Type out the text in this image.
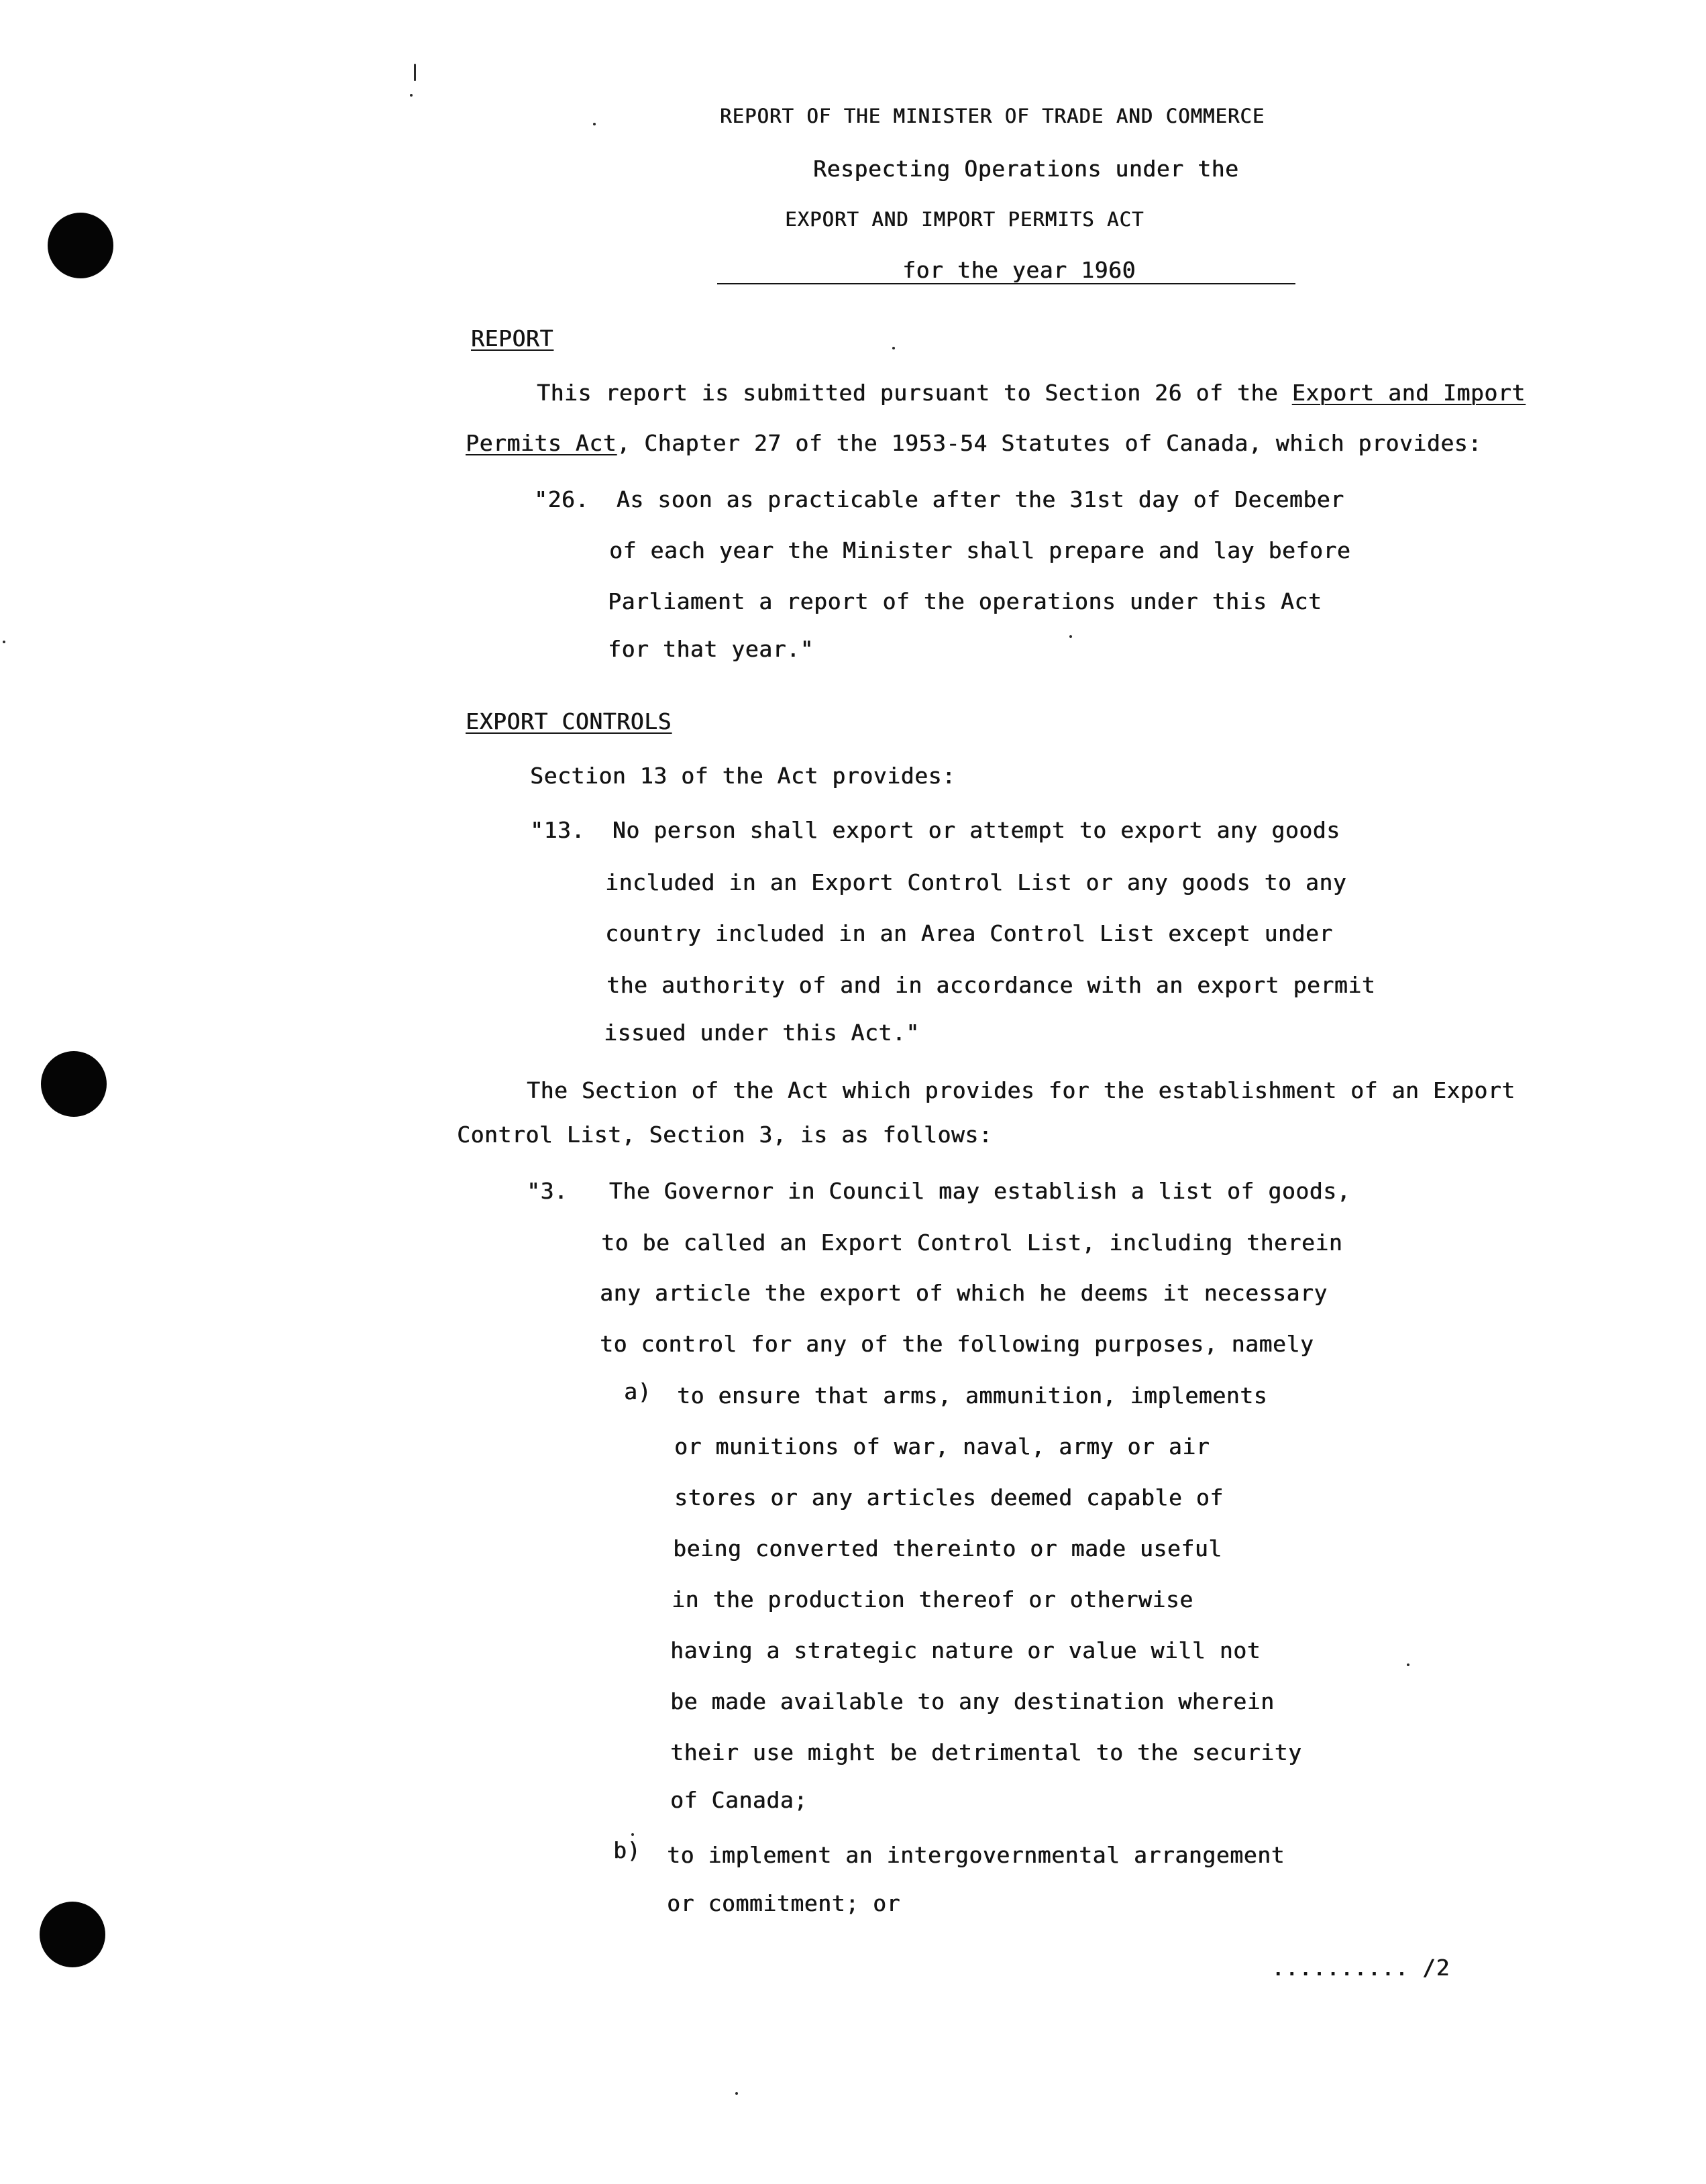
REPORT OF THE MINISTER OF TRADE AND COMMERCE
Respecting Operations under the
EXPORT AND IMPORT PERMITS ACT
for the year 1960
REPORT
This report is submitted pursuant to Section 26 of the Export and Import
Permits Act, Chapter 27 of the 1953-54 Statutes of Canada, which provides:
"26.  As soon as practicable after the 31st day of December
of each year the Minister shall prepare and lay before
Parliament a report of the operations under this Act
for that year."
EXPORT CONTROLS
Section 13 of the Act provides:
"13.  No person shall export or attempt to export any goods
included in an Export Control List or any goods to any
country included in an Area Control List except under
the authority of and in accordance with an export permit
issued under this Act."
The Section of the Act which provides for the establishment of an Export
Control List, Section 3, is as follows:
"3.   The Governor in Council may establish a list of goods,
to be called an Export Control List, including therein
any article the export of which he deems it necessary
to control for any of the following purposes, namely
a) to ensure that arms, ammunition, implements
or munitions of war, naval, army or air
stores or any articles deemed capable of
being converted thereinto or made useful
in the production thereof or otherwise
having a strategic nature or value will not
be made available to any destination wherein
their use might be detrimental to the security
of Canada;
b) to implement an intergovernmental arrangement
or commitment; or
.......... /2
